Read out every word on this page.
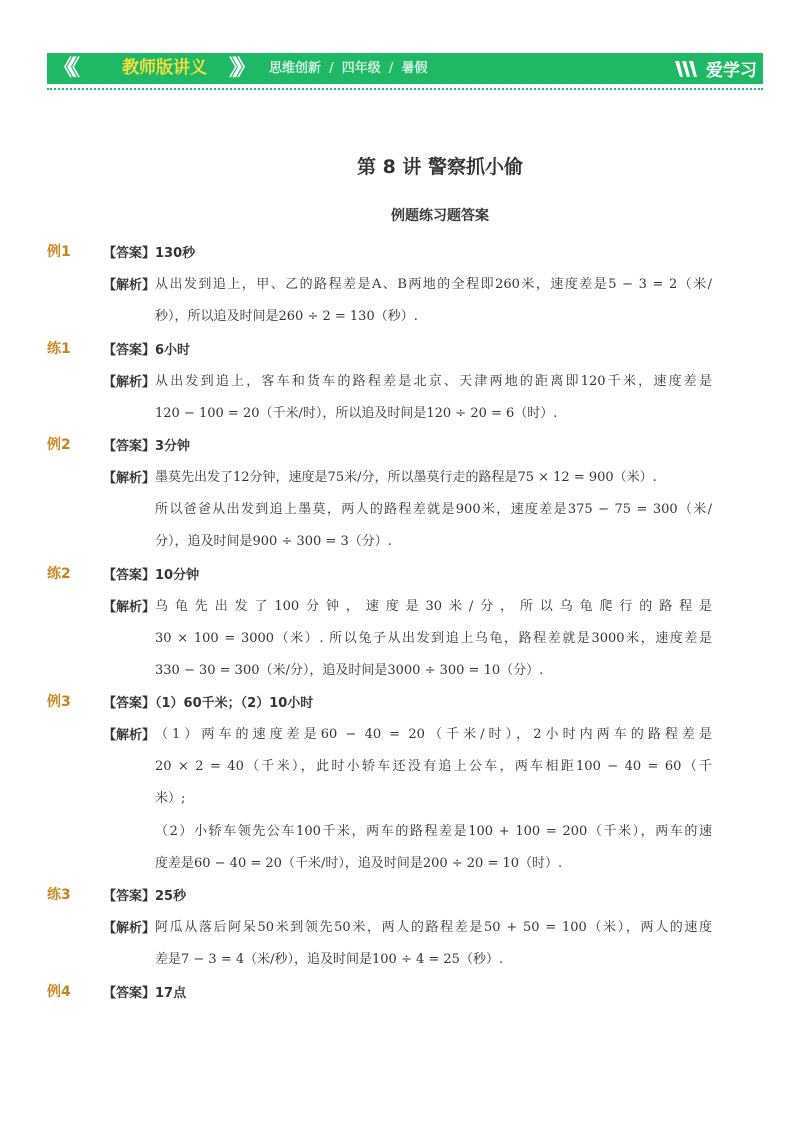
《《	教师版讲义 》》 思维创新 / 四年级 / 暑假	爱学习
第 8 讲 警察抓小偷
例题练习题答案
例1 【答案】130秒
【解析】 从出发到追上，甲、乙的路程差是A、B两地的全程即260米，速度差是5 − 3 = 2（米/
秒），所以追及时间是260 ÷ 2 = 130（秒）.
练1 【答案】6小时
【解析】 从出发到追上，客车和货车的路程差是北京、天津两地的距离即120千米，速度差是
120 − 100 = 20（千米/时），所以追及时间是120 ÷ 20 = 6（时）.
例2 【答案】3分钟
【解析】 墨莫先出发了12分钟，速度是75米/分，所以墨莫行走的路程是75 × 12 = 900（米）.
所以爸爸从出发到追上墨莫，两人的路程差就是900米，速度差是375 − 75 = 300（米/
分），追及时间是900 ÷ 300 = 3（分）.
练2 【答案】10分钟
【解析】 乌龟先出发了100分钟，速度是30米/分，所以乌龟爬行的路程是
30 × 100 = 3000（米）. 所以兔子从出发到追上乌龟，路程差就是3000米，速度差是
330 − 30 = 300（米/分），追及时间是3000 ÷ 300 = 10（分）.
例3 【答案】（1）60千米；（2）10小时
【解析】 （1）两车的速度差是60 − 40 = 20（千米/时），2小时内两车的路程差是
20 × 2 = 40（千米），此时小轿车还没有追上公车，两车相距100 − 40 = 60（千
米）;
（2）小轿车领先公车100千米，两车的路程差是100 + 100 = 200（千米），两车的速
度差是60 − 40 = 20（千米/时），追及时间是200 ÷ 20 = 10（时）.
练3 【答案】25秒
【解析】 阿瓜从落后阿呆50米到领先50米，两人的路程差是50 + 50 = 100（米），两人的速度
差是7 − 3 = 4（米/秒），追及时间是100 ÷ 4 = 25（秒）.
例4 【答案】17点
